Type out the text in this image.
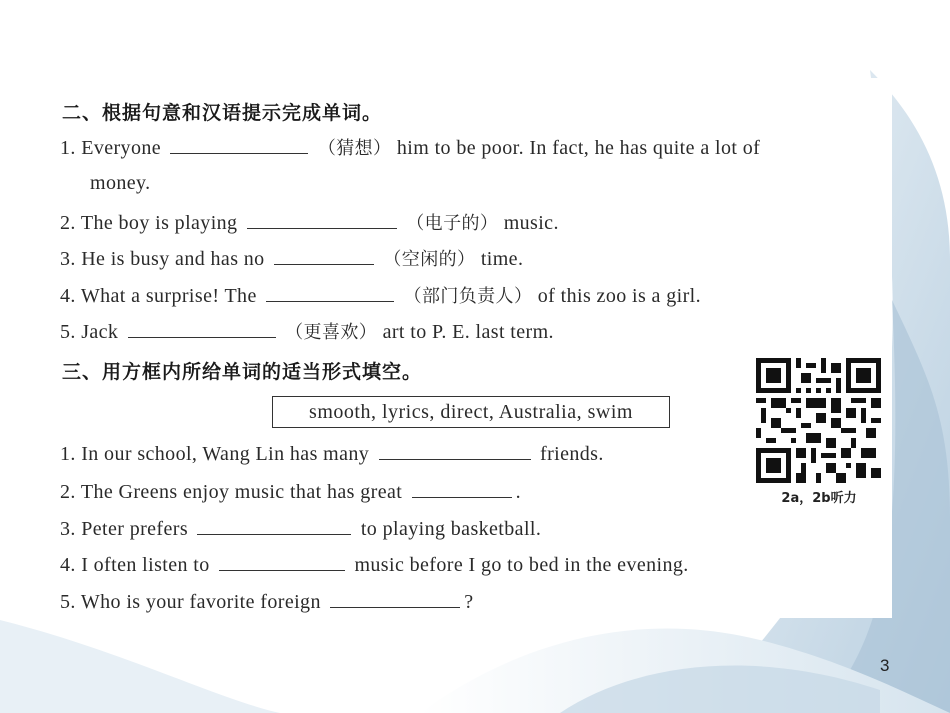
二、根据句意和汉语提示完成单词。
1. Everyone	（猜想） him to be poor. In fact, he has quite a lot of
money.
2. The boy is playing	（电子的） music.
3. He is busy and has no	（空闲的） time.
4. What a surprise! The	（部门负责人） of this zoo is a girl.
5. Jack	（更喜欢） art to P. E. last term.
三、用方框内所给单词的适当形式填空。
smooth, lyrics, direct, Australia, swim
1. In our school, Wang Lin has many	friends.
2. The Greens enjoy music that has great	.
3. Peter prefers	to playing basketball.
4. I often listen to	music before I go to bed in the evening.
5. Who is your favorite foreign	?
2a，2b听力
3
